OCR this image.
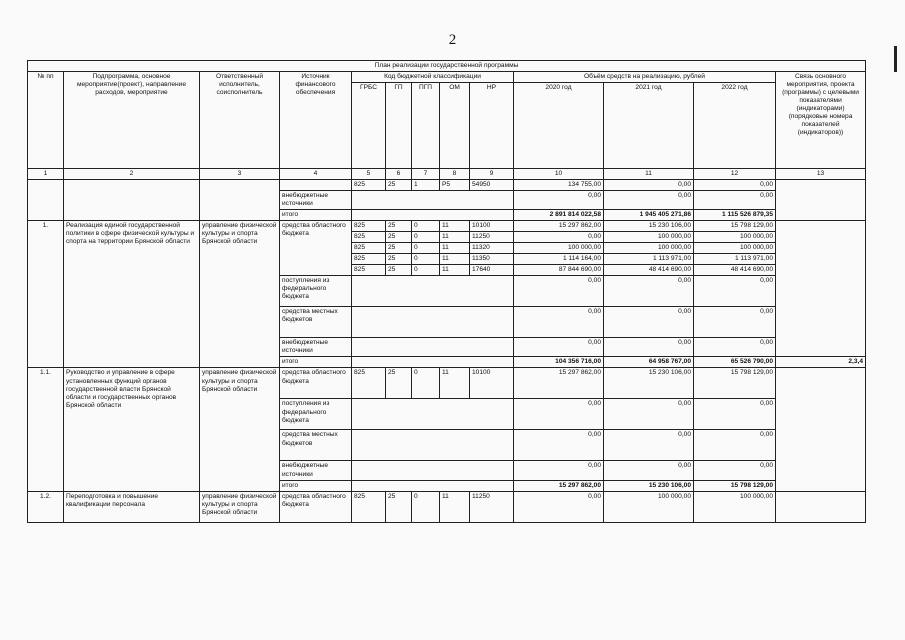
2
План реализации государственной программы												
№ пп	Подпрограмма, основное мероприятие(проект), направление расходов, мероприятие	Ответственный исполнитель, соисполнитель	Источник финансового обеспечения	Код бюджетной классификации					Объём средств на реализацию, рублей			Связь основного мероприятия, проекта (программы) с целевыми показателями (индикаторами) (порядковые номера показателей (индикаторов))
				ГРБС	ГП	ПГП	ОМ	НР	2020 год	2021 год	2022 год	
1	2	3	4	5	6	7	8	9	10	11	12	13
				825	25	1	P5	54950	134 755,00	0,00	0,00	
			внебюджетные источники						0,00	0,00	0,00	
			итого						2 891 814 022,58	1 945 405 271,86	1 115 526 879,35	
1.	Реализация единой государственной политики в сфере физической культуры и спорта на территории Брянской области	управление физической культуры и спорта Брянской области	средства областного бюджета	825	25	0	11	10100	15 297 862,00	15 230 106,00	15 798 129,00	
				825	25	0	11	11250	0,00	100 000,00	100 000,00	
				825	25	0	11	11320	100 000,00	100 000,00	100 000,00	
				825	25	0	11	11350	1 114 164,00	1 113 971,00	1 113 971,00	
				825	25	0	11	17640	87 844 690,00	48 414 690,00	48 414 690,00	
			поступления из федерального бюджета						0,00	0,00	0,00	
			средства местных бюджетов						0,00	0,00	0,00	
			внебюджетные источники						0,00	0,00	0,00	
			итого						104 356 716,00	64 958 767,00	65 526 790,00	2,3,4
1.1.	Руководство и управление в сфере установленных функций органов государственной власти Брянской области и государственных органов Брянской области	управление физической культуры и спорта Брянской области	средства областного бюджета	825	25	0	11	10100	15 297 862,00	15 230 106,00	15 798 129,00	
			поступления из федерального бюджета						0,00	0,00	0,00	
			средства местных бюджетов						0,00	0,00	0,00	
			внебюджетные источники						0,00	0,00	0,00	
			итого						15 297 862,00	15 230 106,00	15 798 129,00	
1.2.	Переподготовка и повышение квалификации персонала	управление физической культуры и спорта Брянской области	средства областного бюджета	825	25	0	11	11250	0,00	100 000,00	100 000,00	
